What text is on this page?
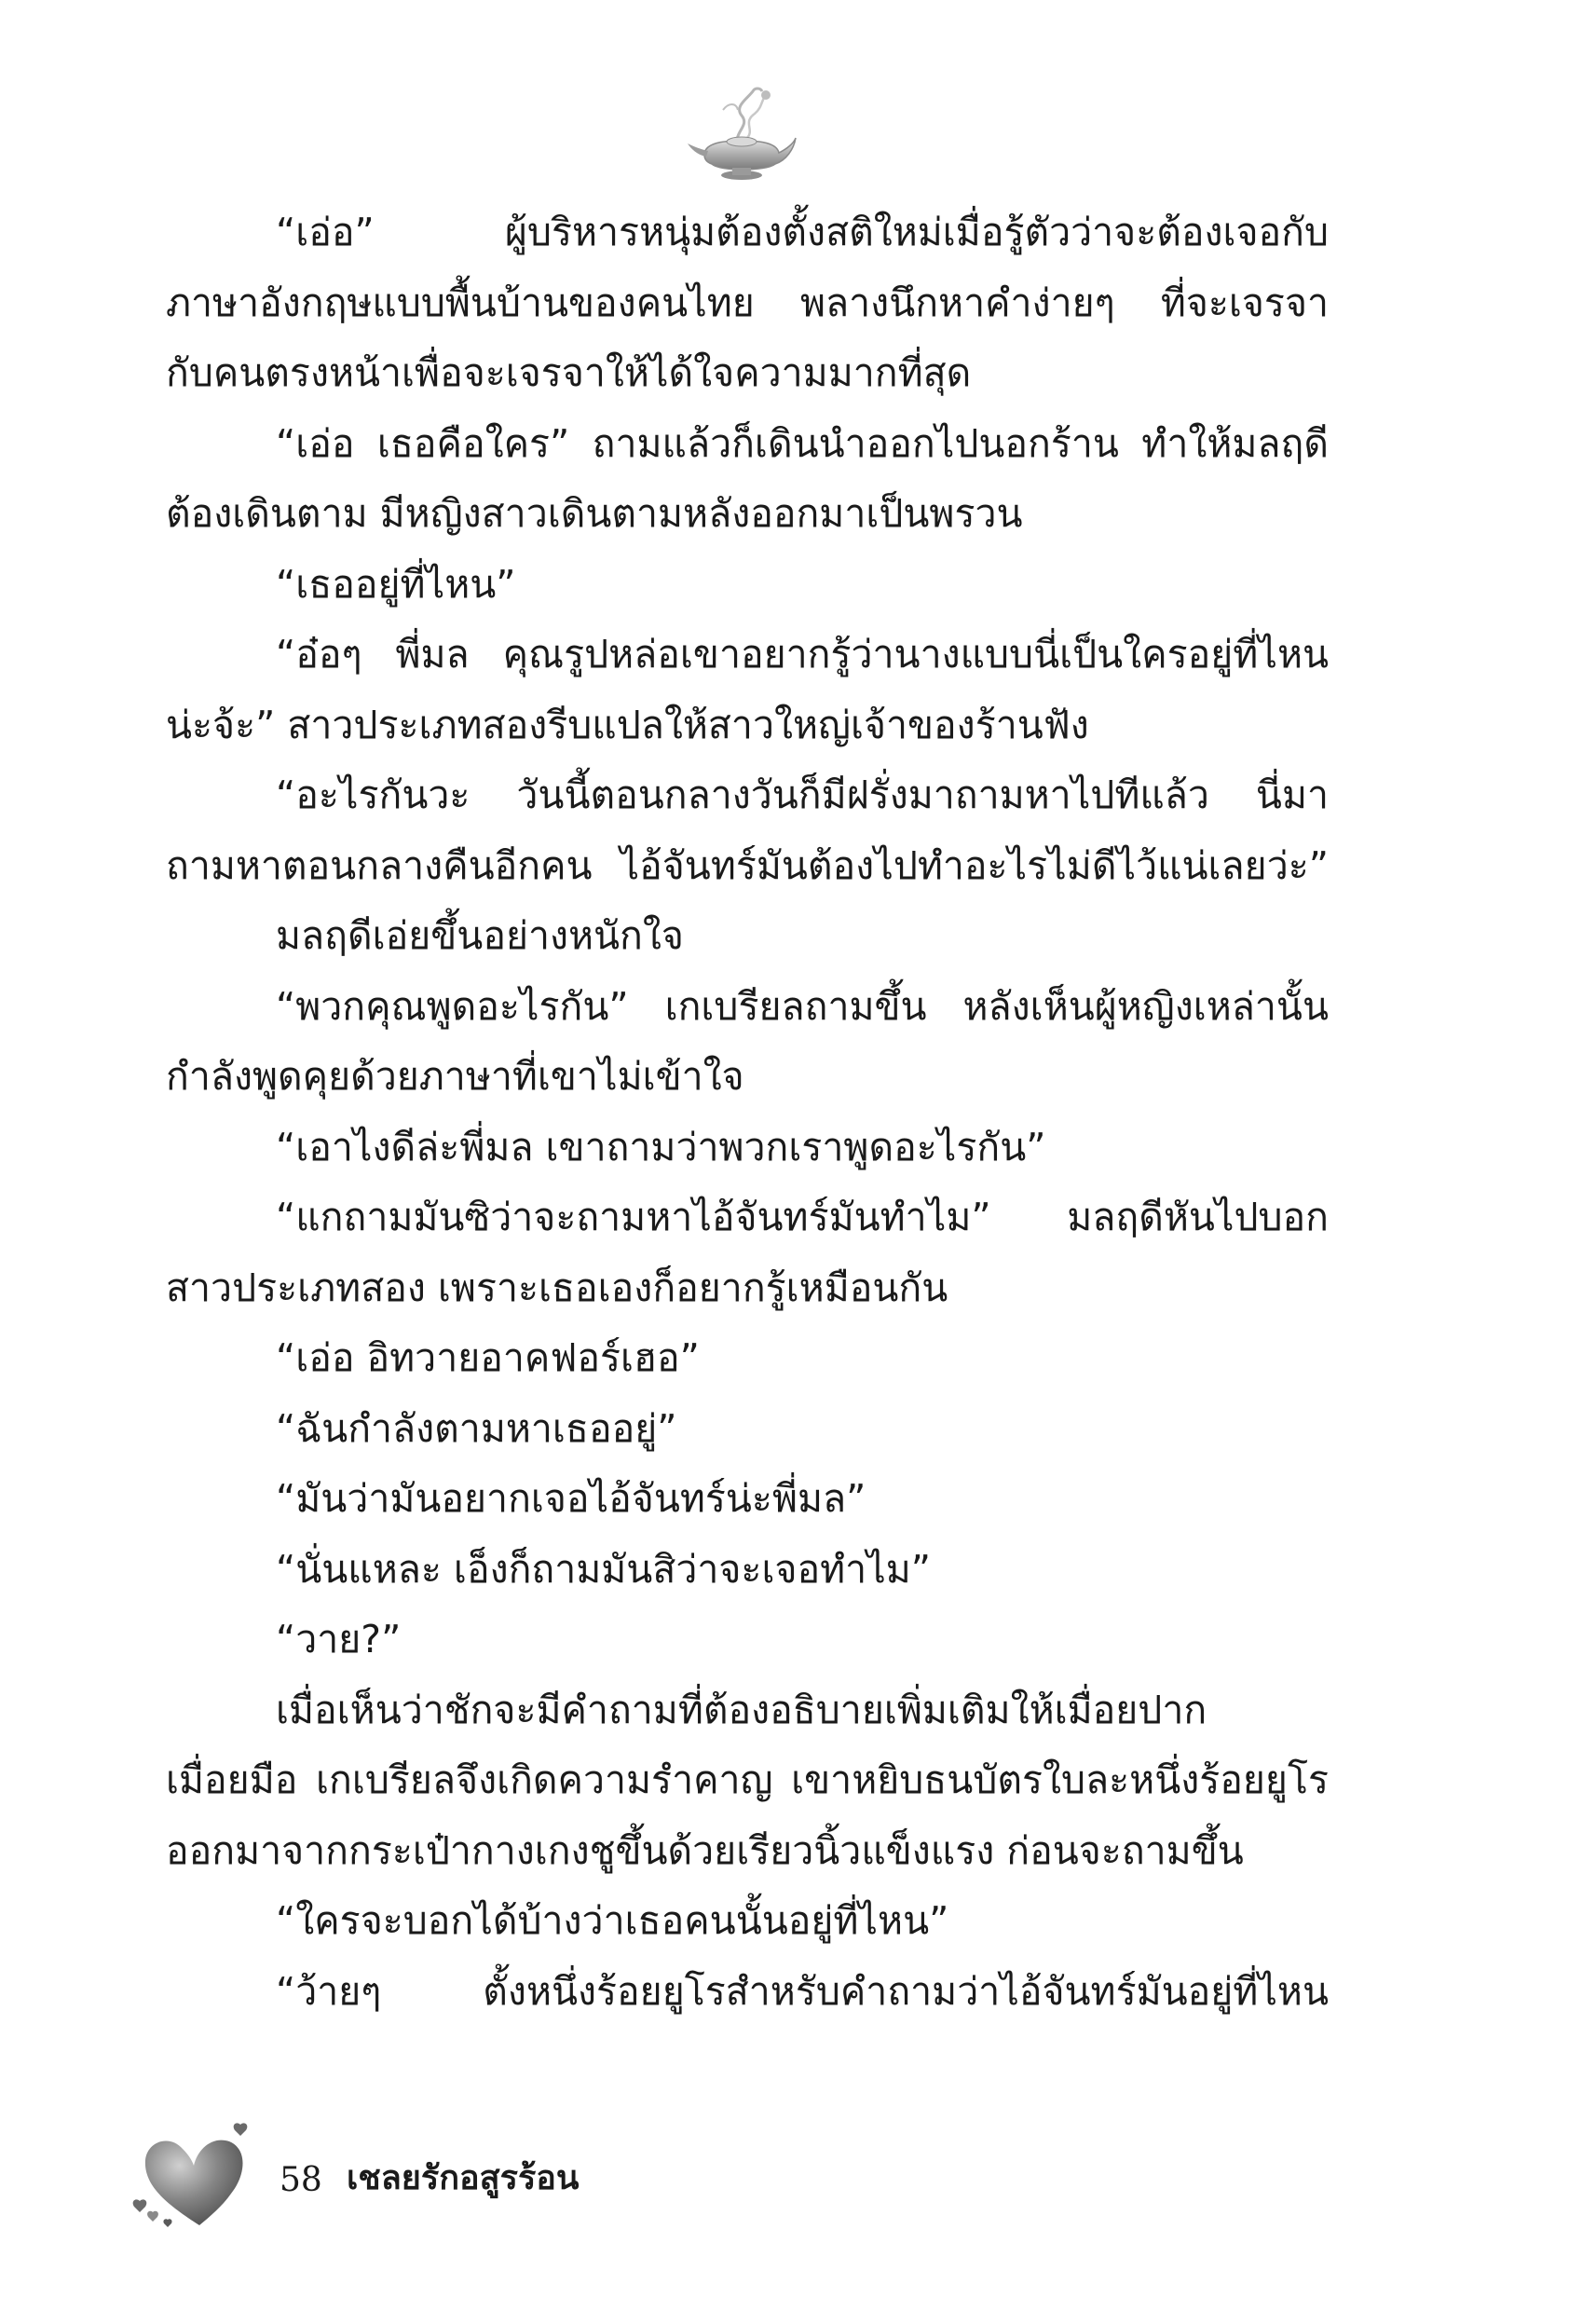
“เอ่อ” ผู้บริหารหนุ่มต้องตั้งสติใหม่เมื่อรู้ตัวว่าจะต้องเจอกับ
ภาษาอังกฤษแบบพื้นบ้านของคนไทย พลางนึกหาคำง่ายๆ ที่จะเจรจา
กับคนตรงหน้าเพื่อจะเจรจาให้ได้ใจความมากที่สุด
“เอ่อ เธอคือใคร” ถามแล้วก็เดินนำออกไปนอกร้าน ทำให้มลฤดี
ต้องเดินตาม มีหญิงสาวเดินตามหลังออกมาเป็นพรวน
“เธออยู่ที่ไหน”
“อ๋อๆ พี่มล คุณรูปหล่อเขาอยากรู้ว่านางแบบนี่เป็นใครอยู่ที่ไหน
น่ะจ้ะ” สาวประเภทสองรีบแปลให้สาวใหญ่เจ้าของร้านฟัง
“อะไรกันวะ วันนี้ตอนกลางวันก็มีฝรั่งมาถามหาไปทีแล้ว นี่มา
ถามหาตอนกลางคืนอีกคน ไอ้จันทร์มันต้องไปทำอะไรไม่ดีไว้แน่เลยว่ะ”
มลฤดีเอ่ยขึ้นอย่างหนักใจ
“พวกคุณพูดอะไรกัน” เกเบรียลถามขึ้น หลังเห็นผู้หญิงเหล่านั้น
กำลังพูดคุยด้วยภาษาที่เขาไม่เข้าใจ
“เอาไงดีล่ะพี่มล เขาถามว่าพวกเราพูดอะไรกัน”
“แกถามมันซิว่าจะถามหาไอ้จันทร์มันทำไม” มลฤดีหันไปบอก
สาวประเภทสอง เพราะเธอเองก็อยากรู้เหมือนกัน
“เอ่อ อิทวายอาคฟอร์เฮอ”
“ฉันกำลังตามหาเธออยู่”
“มันว่ามันอยากเจอไอ้จันทร์น่ะพี่มล”
“นั่นแหละ เอ็งก็ถามมันสิว่าจะเจอทำไม”
“วาย?”
เมื่อเห็นว่าชักจะมีคำถามที่ต้องอธิบายเพิ่มเติมให้เมื่อยปาก
เมื่อยมือ เกเบรียลจึงเกิดความรำคาญ เขาหยิบธนบัตรใบละหนึ่งร้อยยูโร
ออกมาจากกระเป๋ากางเกงชูขึ้นด้วยเรียวนิ้วแข็งแรง ก่อนจะถามขึ้น
“ใครจะบอกได้บ้างว่าเธอคนนั้นอยู่ที่ไหน”
“ว้ายๆ ตั้งหนึ่งร้อยยูโรสำหรับคำถามว่าไอ้จันทร์มันอยู่ที่ไหน
58 เชลยรักอสูรร้อน
